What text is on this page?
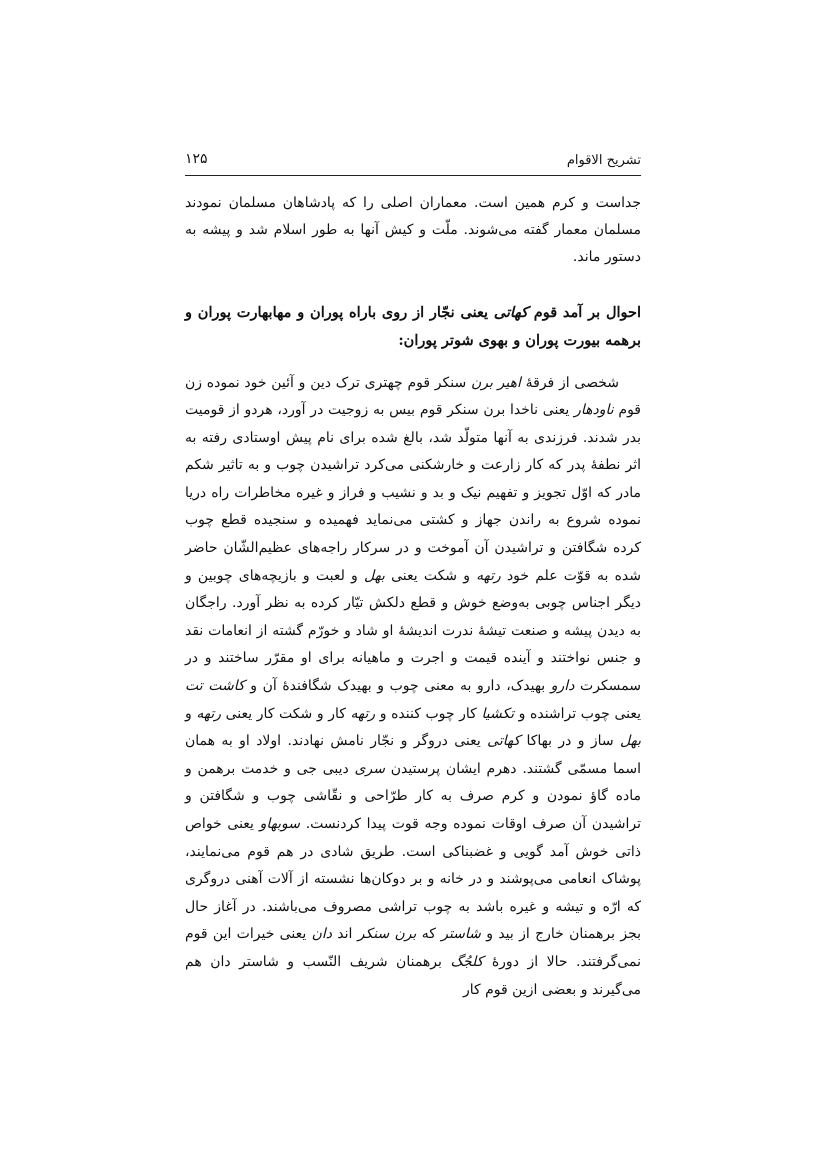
تشریح الاقوام
۱۲۵

جداست و کرم همین است. معماران اصلی را که پادشاهان مسلمان نمودند مسلمان معمار گفته می‌شوند. ملّت و کیش آنها به طور اسلام شد و پیشه به دستور ماند.

احوال بر آمد قوم کهاتی یعنی نجّار از روی باراه پوران و مهابهارت پوران و برهمه بیورت پوران و بهوی شوتر پوران:

شخصی از فرقهٔ اهیر برن سنکر قوم چهتری ترک دین و آئین خود نموده زن قوم ناودهار یعنی ناخدا برن سنکر قوم بیس به زوجیت در آورد، هردو از قومیت بدر شدند. فرزندی به آنها متولّد شد، بالغ شده برای نام پیش اوستادی رفته به اثر نطفهٔ پدر که کار زارعت و خارشکنی می‌کرد تراشیدن چوب و به تاثیر شکم مادر که اوّل تجویز و تفهیم نیک و بد و نشیب و فراز و غیره مخاطرات راه دریا نموده شروع به راندن جهاز و کشتی می‌نماید فهمیده و سنجیده قطع چوب کرده شگافتن و تراشیدن آن آموخت و در سرکار راجه‌های عظیم‌الشّان حاضر شده به قوّت علم خود رتهه و شکت یعنی بهل و لعبت و بازیچه‌های چوبین و دیگر اجناس چوبی به‌وضع خوش و قطع دلکش تیّار کرده به نظر آورد. راجگان به دیدن پیشه و صنعت تیشهٔ ندرت اندیشهٔ او شاد و خورّم گشته از انعامات نقد و جنس نواختند و آینده قیمت و اجرت و ماهیانه برای او مقرّر ساختند و در سمسکرت دارو بهیدک، دارو به معنی چوب و بهیدک شگافندهٔ آن و کاشت تت یعنی چوب تراشنده و تکشیا کار چوب کننده و رتهه کار و شکت کار یعنی رتهه و بهل ساز و در بهاکا کهاتی یعنی دروگر و نجّار نامش نهادند. اولاد او به همان اسما مسمّی گشتند. دهرم ایشان پرستیدن سری دیبی جی و خدمت برهمن و ماده گاؤ نمودن و کرم صرف به کار طرّاحی و نقّاشی چوب و شگافتن و تراشیدن آن صرف اوقات نموده وجه قوت پیدا کردنست. سوبهاو یعنی خواص ذاتی خوش آمد گویی و غضبناکی است. طریق شادی در هم قوم می‌نمایند، پوشاک انعامی می‌پوشند و در خانه و بر دوکان‌ها نشسته از آلات آهنی دروگری که ارّه و تیشه و غیره باشد به چوب تراشی مصروف می‌باشند. در آغاز حال بجز برهمنان خارج از بید و شاستر که برن سنکر اند دان یعنی خیرات این قوم نمی‌گرفتند. حالا از دورهٔ کلجُگ برهمنان شریف النّسب و شاستر دان هم می‌گیرند و بعضی ازین قوم کار
